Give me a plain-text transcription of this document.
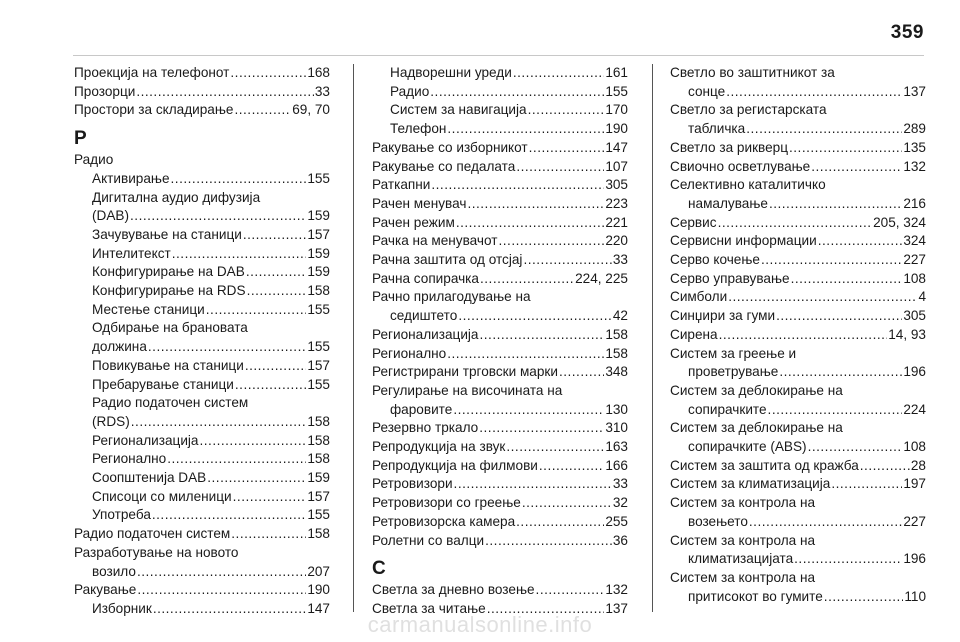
359
Проекција на телефонот .....	168
Прозорци .....	33
Простори за складирање .....	69, 70
Р
Радио
Активирање .....	155
Дигитална аудио дифузија
(DAB) .....	159
Зачувување на станици .....	157
Интелитекст .....	159
Конфигурирање на DAB .....	159
Конфигурирање на RDS .....	158
Местење станици .....	155
Одбирање на брановата
должина .....	155
Повикување на станици .....	157
Пребарување станици .....	155
Радио податочен систем
(RDS) .....	158
Регионализација .....	158
Регионално .....	158
Соопштенија DAB .....	159
Списоци со миленици .....	157
Употреба .....	155
Радио податочен систем .....	158
Разработување на новото
возило .....	207
Ракување .....	190
Изборник .....	147
Надворешни уреди .....	161
Радио .....	155
Систем за навигација .....	170
Телефон .....	190
Ракување со изборникот .....	147
Ракување со педалата .....	107
Раткапни .....	305
Рачен менувач .....	223
Рачен режим .....	221
Рачка на менувачот .....	220
Рачна заштита од отсјај .....	33
Рачна сопирачка .....	224, 225
Рачно прилагодување на
седиштето .....	42
Регионализација .....	158
Регионално .....	158
Регистрирани трговски марки .....	348
Регулирање на височината на
фаровите .....	130
Резервно тркало .....	310
Репродукција на звук .....	163
Репродукција на филмови .....	166
Ретровизори .....	33
Ретровизори со греење .....	32
Ретровизорска камера .....	255
Ролетни со валци .....	36
С
Светла за дневно возење .....	132
Светла за читање .....	137
Светло во заштитникот за
сонце .....	137
Светло за регистарската
табличка .....	289
Светло за рикверц .....	135
Свиочно осветлување .....	132
Селективно каталитичко
намалување .....	216
Сервис .....	205, 324
Сервисни информации .....	324
Серво кочење .....	227
Серво управување .....	108
Симболи .....	4
Синџири за гуми .....	305
Сирена .....	14, 93
Систем за греење и
проветрување .....	196
Систем за деблокирање на
сопирачките .....	224
Систем за деблокирање на
сопирачките (ABS) .....	108
Систем за заштита од кражба .....	28
Систем за климатизација .....	197
Систем за контрола на
возењето .....	227
Систем за контрола на
климатизацијата .....	196
Систем за контрола на
притисокот во гумите .....	110
carmanualsonline.info
